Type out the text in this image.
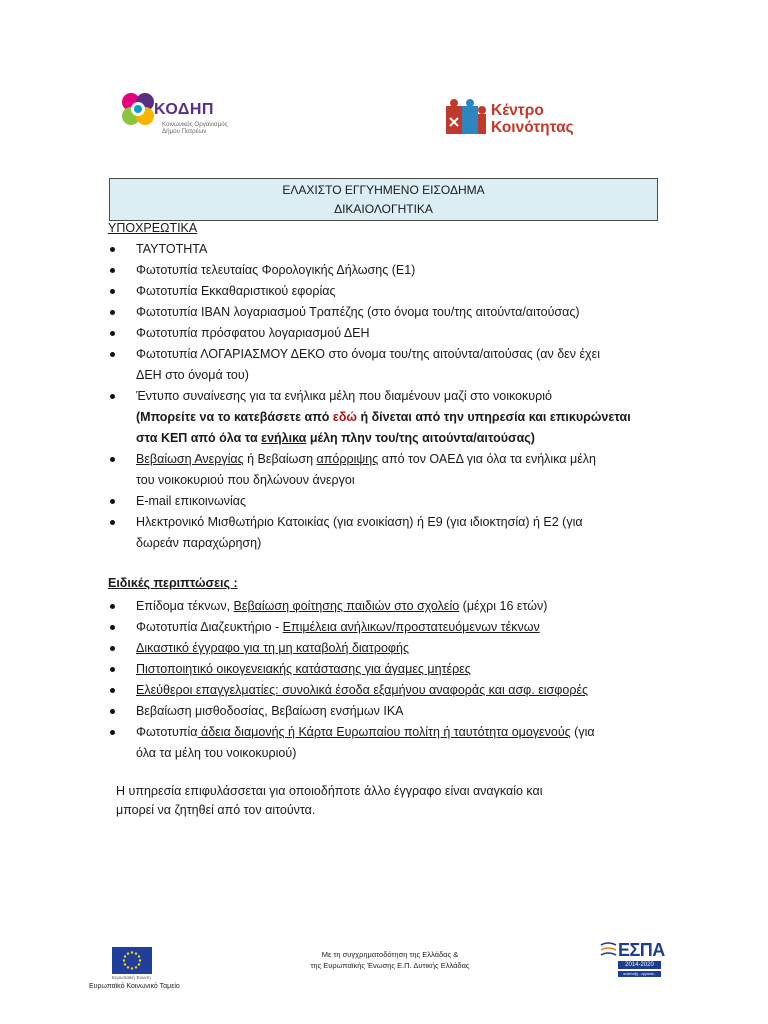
ΚΟΔΗΠ
Κοινωνικός Οργανισμός
Δήμου Πατρέων
Κέντρο
Κοινότητας
ΕΛΑΧΙΣΤΟ ΕΓΓΥΗΜΕΝΟ ΕΙΣΟΔΗΜΑ
ΔΙΚΑΙΟΛΟΓΗΤΙΚΑ
ΥΠΟΧΡΕΩΤΙΚΑ
ΤΑΥΤΟΤΗΤΑ
Φωτοτυπία τελευταίας Φορολογικής Δήλωσης (Ε1)
Φωτοτυπία Εκκαθαριστικού εφορίας
Φωτοτυπία IBAN λογαριασμού Τραπέζης (στο όνομα του/της αιτούντα/αιτούσας)
Φωτοτυπία πρόσφατου λογαριασμού ΔΕΗ
Φωτοτυπία ΛΟΓΑΡΙΑΣΜΟΥ ΔΕΚΟ στο όνομα του/της αιτούντα/αιτούσας (αν δεν έχει
ΔΕΗ στο όνομά του)
Έντυπο συναίνεσης για τα ενήλικα μέλη που διαμένουν μαζί στο νοικοκυριό
(Μπορείτε να το κατεβάσετε από εδώ ή δίνεται από την υπηρεσία και επικυρώνεται
στα ΚΕΠ από όλα τα ενήλικα μέλη πλην του/της αιτούντα/αιτούσας)
Βεβαίωση Ανεργίας ή Βεβαίωση απόρριψης από τον ΟΑΕΔ για όλα τα ενήλικα μέλη
του νοικοκυριού που δηλώνουν άνεργοι
E-mail επικοινωνίας
Ηλεκτρονικό Μισθωτήριο Κατοικίας (για ενοικίαση) ή Ε9 (για ιδιοκτησία) ή Ε2 (για
δωρεάν παραχώρηση)
Ειδικές περιπτώσεις :
Επίδομα τέκνων, Βεβαίωση φοίτησης παιδιών στο σχολείο (μέχρι 16 ετών)
Φωτοτυπία Διαζευκτήριο - Επιμέλεια ανήλικων/προστατευόμενων τέκνων
Δικαστικό έγγραφο για τη μη καταβολή διατροφής
Πιστοποιητικό οικογενειακής κατάστασης για άγαμες μητέρες
Ελεύθεροι επαγγελματίες: συνολικά έσοδα εξαμήνου αναφοράς και ασφ. εισφορές
Βεβαίωση μισθοδοσίας, Βεβαίωση ενσήμων ΙΚΑ
Φωτοτυπία άδεια διαμονής ή Κάρτα Ευρωπαίου πολίτη ή ταυτότητα ομογενούς (για
όλα τα μέλη του νοικοκυριού)
Η υπηρεσία επιφυλάσσεται για οποιοδήποτε άλλο έγγραφο είναι αναγκαίο και
μπορεί να ζητηθεί από τον αιτούντα.
Ευρωπαϊκή Ένωση
Ευρωπαϊκό Κοινωνικό Ταμείο
Με τη συγχρηματοδότηση της Ελλάδας &
της Ευρωπαϊκής Ένωσης Ε.Π. Δυτικής Ελλάδας
ΕΣΠΑ
2014-2020
ανάπτυξη - εργασία - αλληλεγγύη
